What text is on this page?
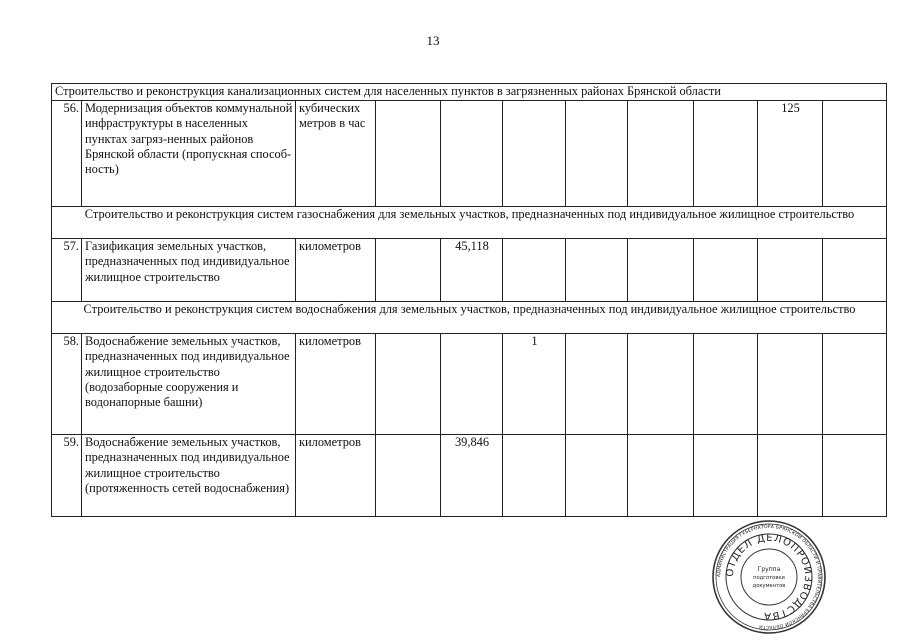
13
Строительство и реконструкция канализационных систем для населенных пунктов в загрязненных районах Брянской области										
56.	Модернизация объектов коммунальной инфраструктуры в населенных пунктах загряз-ненных районов Брянской области (пропускная способ-ность)	кубических метров в час							125	
Строительство и реконструкция систем газоснабжения для земельных участков, предназначенных под индивидуальное жилищное строительство										
57.	Газификация земельных участков, предназначенных под индивидуальное жилищное строительство	километров		45,118						
Строительство и реконструкция систем водоснабжения для земельных участков, предназначенных под индивидуальное жилищное строительство										
58.	Водоснабжение земельных участков, предназначенных под индивидуальное жилищное строительство (водозаборные сооружения и водонапорные башни)	километров			1					
59.	Водоснабжение земельных участков, предназначенных под индивидуальное жилищное строительство (протяженность сетей водоснабжения)	километров		39,846						
АДМИНИСТРАЦИЯ ГУБЕРНАТОРА БРЯНСКОЙ ОБЛАСТИ И ПРАВИТЕЛЬСТВА БРЯНСКОЙ ОБЛАСТИ
ОТДЕЛ ДЕЛОПРОИЗВОДСТВА
Группа
подготовки
документов
